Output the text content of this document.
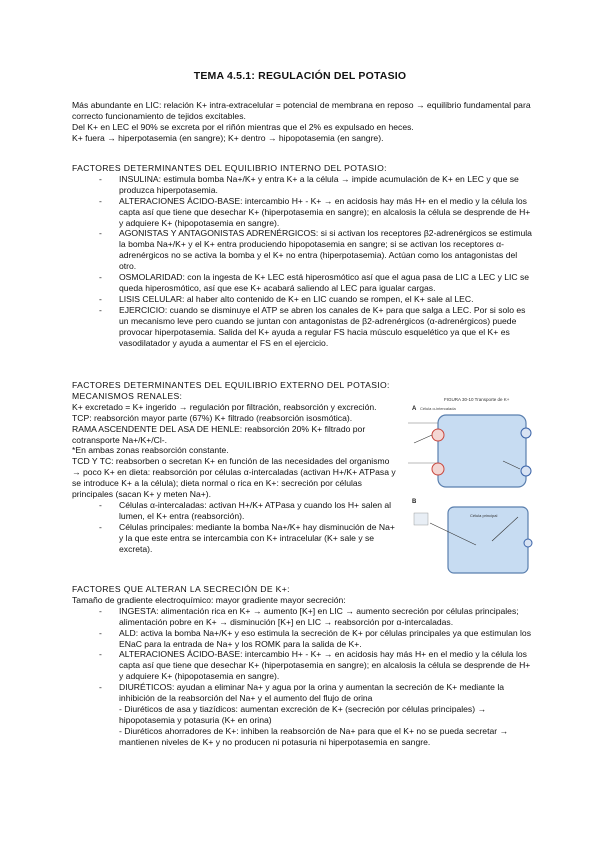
TEMA 4.5.1: REGULACIÓN DEL POTASIO

Más abundante en LIC: relación K+ intra-extracelular = potencial de membrana en reposo → equilibrio fundamental para correcto funcionamiento de tejidos excitables.

Del K+ en LEC el 90% se excreta por el riñón mientras que el 2% es expulsado en heces.

K+ fuera → hiperpotasemia (en sangre); K+ dentro → hipopotasemia (en sangre).

FACTORES DETERMINANTES DEL EQUILIBRIO INTERNO DEL POTASIO:

- INSULINA: estimula bomba Na+/K+ y entra K+ a la célula → impide acumulación de K+ en LEC y que se produzca hiperpotasemia.
- ALTERACIONES ÁCIDO-BASE: intercambio H+ - K+ → en acidosis hay más H+ en el medio y la célula los capta así que tiene que desechar K+ (hiperpotasemia en sangre); en alcalosis la célula se desprende de H+ y adquiere K+ (hipopotasemia en sangre).
- AGONISTAS Y ANTAGONISTAS ADRENÉRGICOS: si si activan los receptores β2-adrenérgicos se estimula la bomba Na+/K+ y el K+ entra produciendo hipopotasemia en sangre; si se activan los receptores α-adrenérgicos no se activa la bomba y el K+ no entra (hiperpotasemia). Actúan como los antagonistas del otro.
- OSMOLARIDAD: con la ingesta de K+ LEC está hiperosmótico así que el agua pasa de LIC a LEC y LIC se queda hiperosmótico, así que ese K+ acabará saliendo al LEC para igualar cargas.
- LISIS CELULAR: al haber alto contenido de K+ en LIC cuando se rompen, el K+ sale al LEC.
- EJERCICIO: cuando se disminuye el ATP se abren los canales de K+ para que salga a LEC. Por si solo es un mecanismo leve pero cuando se juntan con antagonistas de β2-adrenérgicos (α-adrenérgicos) puede provocar hiperpotasemia. Salida del K+ ayuda a regular FS hacia músculo esquelético ya que el K+ es vasodilatador y ayuda a aumentar el FS en el ejercicio.

FACTORES DETERMINANTES DEL EQUILIBRIO EXTERNO DEL POTASIO:

MECANISMOS RENALES:

K+ excretado = K+ ingerido → regulación por filtración, reabsorción y excreción.

TCP: reabsorción mayor parte (67%) K+ filtrado (reabsorción isosmótica).

RAMA ASCENDENTE DEL ASA DE HENLE: reabsorción 20% K+ filtrado por cotransporte Na+/K+/Cl-.

*En ambas zonas reabsorción constante.

TCD Y TC: reabsorben o secretan K+ en función de las necesidades del organismo → poco K+ en dieta: reabsorción por células α-intercaladas (activan H+/K+ ATPasa y se introduce K+ a la célula); dieta normal o rica en K+: secreción por células principales (sacan K+ y meten Na+).

- Células α-intercaladas: activan H+/K+ ATPasa y cuando los H+ salen al lumen, el K+ entra (reabsorción).
- Células principales: mediante la bomba Na+/K+ hay disminución de Na+ y la que este entra se intercambia con K+ intracelular (K+ sale y se excreta).
FIGURA 30-10 Transporte de K+
A Célula α-intercalada
B
Célula principal

FACTORES QUE ALTERAN LA SECRECIÓN DE K+:

Tamaño de gradiente electroquímico: mayor gradiente mayor secreción:

- INGESTA: alimentación rica en K+ → aumento [K+] en LIC → aumento secreción por células principales; alimentación pobre en K+ → disminución [K+] en LIC → reabsorción por α-intercaladas.
- ALD: activa la bomba Na+/K+ y eso estimula la secreción de K+ por células principales ya que estimulan los ENaC para la entrada de Na+ y los ROMK para la salida de K+.
- ALTERACIONES ÁCIDO-BASE: intercambio H+ - K+ → en acidosis hay más H+ en el medio y la célula los capta así que tiene que desechar K+ (hiperpotasemia en sangre); en alcalosis la célula se desprende de H+ y adquiere K+ (hipopotasemia en sangre).
- DIURÉTICOS: ayudan a eliminar Na+ y agua por la orina y aumentan la secreción de K+ mediante la inhibición de la reabsorción del Na+ y el aumento del flujo de orina

- Diuréticos de asa y tiazídicos: aumentan excreción de K+ (secreción por células principales) → hipopotasemia y potasuria (K+ en orina)

- Diuréticos ahorradores de K+: inhiben la reabsorción de Na+ para que el K+ no se pueda secretar → mantienen niveles de K+ y no producen ni potasuria ni hiperpotasemia en sangre.
